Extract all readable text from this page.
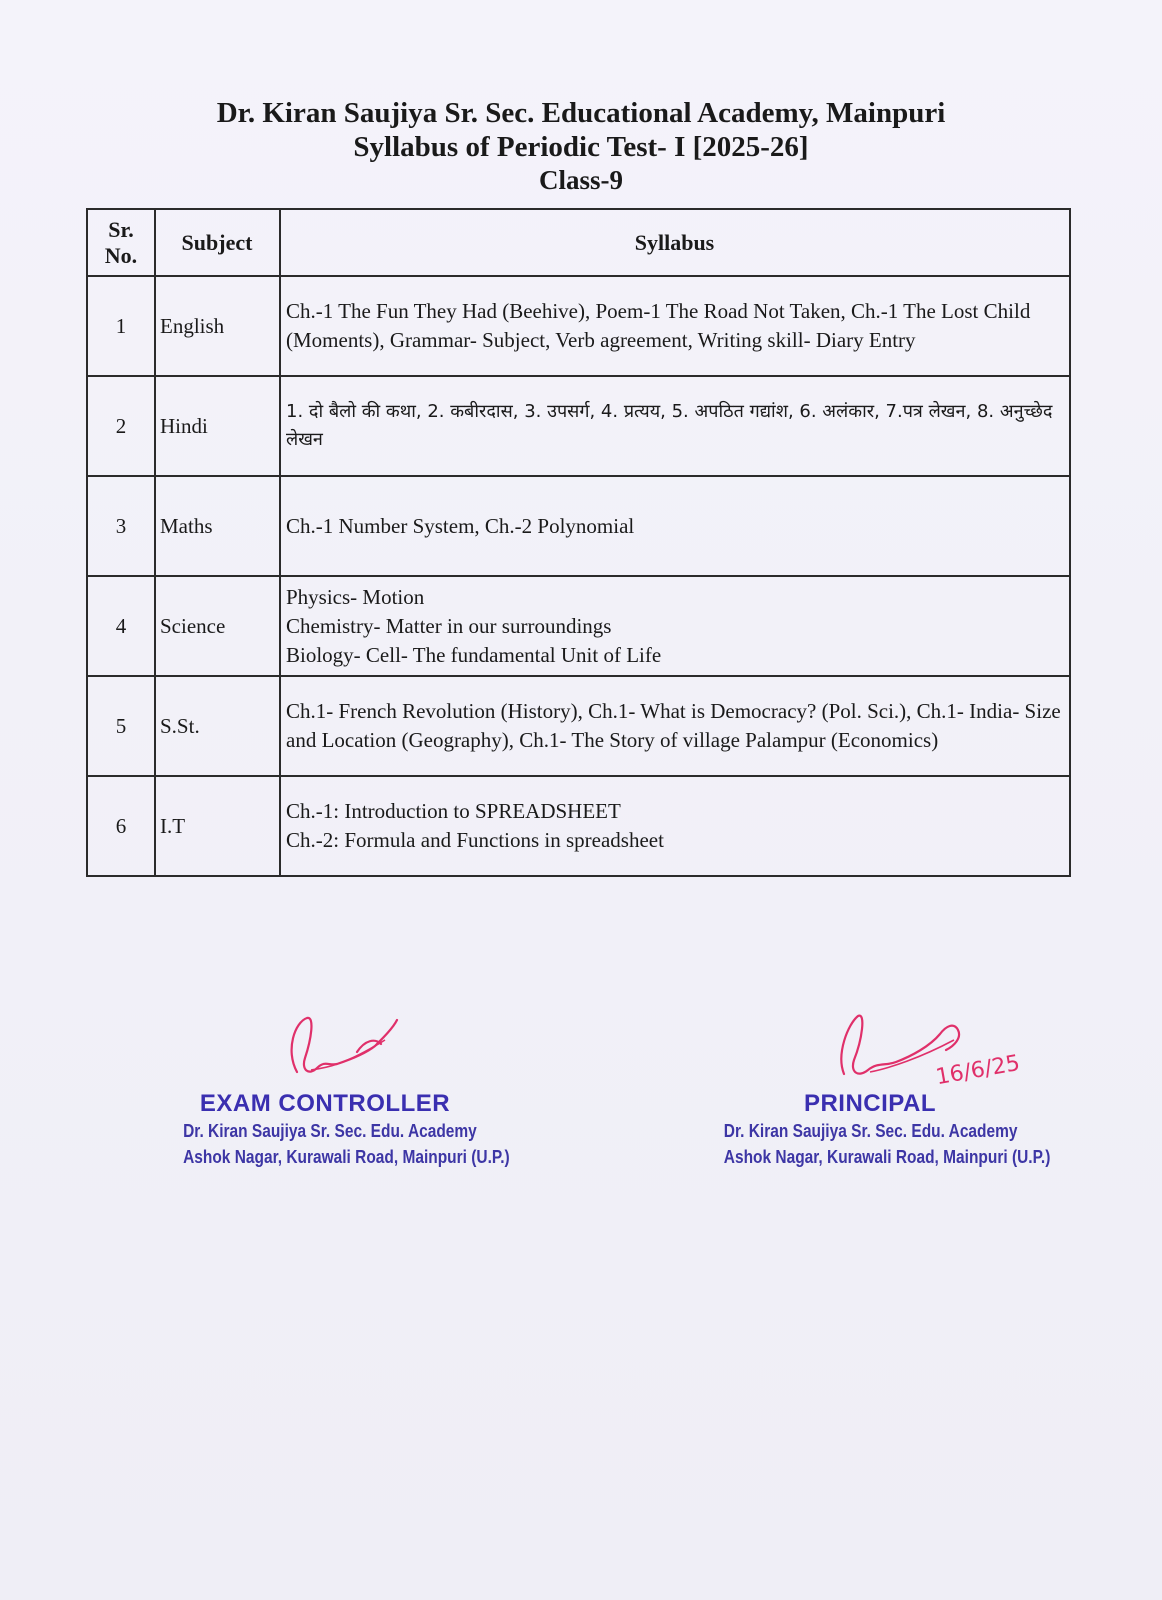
Dr. Kiran Saujiya Sr. Sec. Educational Academy, Mainpuri
Syllabus of Periodic Test- I [2025-26]
Class-9
Sr.
No.	Subject	Syllabus
1	English	Ch.-1 The Fun They Had (Beehive), Poem-1 The Road Not Taken, Ch.-1 The Lost Child (Moments), Grammar- Subject, Verb agreement, Writing skill- Diary Entry

2	Hindi	1. दो बैलो की कथा, 2. कबीरदास, 3. उपसर्ग, 4. प्रत्यय, 5. अपठित गद्यांश, 6. अलंकार, 7.पत्र लेखन, 8. अनुच्छेद लेखन

3	Maths	Ch.-1 Number System, Ch.-2 Polynomial

4	Science	Physics- Motion
Chemistry- Matter in our surroundings
Biology- Cell- The fundamental Unit of Life

5	S.St.	Ch.1- French Revolution (History), Ch.1- What is Democracy? (Pol. Sci.), Ch.1- India- Size and Location (Geography), Ch.1- The Story of village Palampur (Economics)

6	I.T	Ch.-1: Introduction to SPREADSHEET
Ch.-2: Formula and Functions in spreadsheet
EXAM CONTROLLER
Dr. Kiran Saujiya Sr. Sec. Edu. Academy
Ashok Nagar, Kurawali Road, Mainpuri (U.P.)
16/6/25
PRINCIPAL
Dr. Kiran Saujiya Sr. Sec. Edu. Academy
Ashok Nagar, Kurawali Road, Mainpuri (U.P.)
